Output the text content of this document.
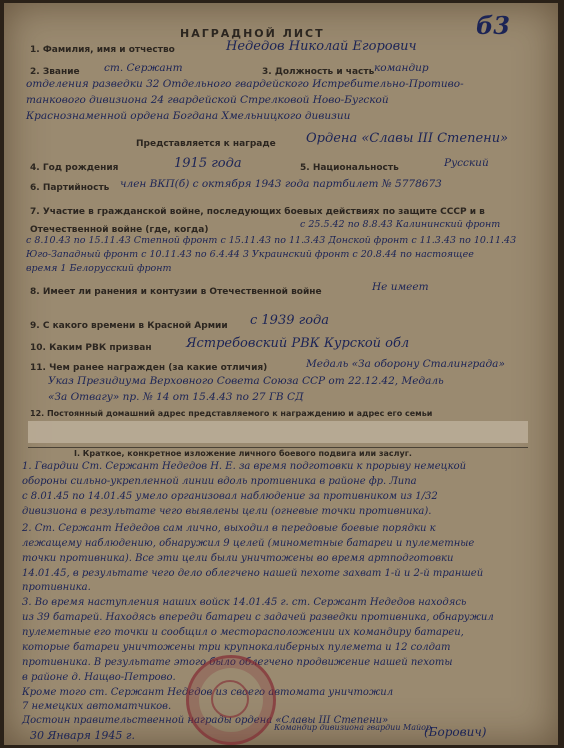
б3
НАГРАДНОЙ ЛИСТ
1. Фамилия, имя и отчество	Недедов Николай Егорович
2. Звание ст. Сержант	3. Должность и часть командир
отделения разведки 32 Отдельного гвардейского Истребительно-Противо-
танкового дивизиона 24 гвардейской Стрелковой Ново-Бугской
Краснознаменной ордена Богдана Хмельницкого дивизии
Представляется к награде Ордена «Славы III Степени»
4. Год рождения	1915 года	5. Национальность	Русский
6. Партийность член ВКП(б) с октября 1943 года партбилет № 5778673
7. Участие в гражданской войне, последующих боевых действиях по защите СССР и в Отечественной войне (где, когда)	с 25.5.42 по 8.8.43 Калининский фронт
с 8.10.43 по 15.11.43 Степной фронт с 15.11.43 по 11.3.43 Донской фронт с 11.3.43 по 10.11.43
Юго-Западный фронт с 10.11.43 по 6.4.44 3 Украинский фронт с 20.8.44 по настоящее
время 1 Белорусский фронт
8. Имеет ли ранения и контузии в Отечественной войне	Не имеет
9. С какого времени в Красной Армии с 1939 года
10. Каким РВК призван	Ястребовский РВК Курской обл
11. Чем ранее награжден (за какие отличия)	Медаль «За оборону Сталинграда»
Указ Президиума Верховного Совета Союза ССР от 22.12.42, Медаль
«За Отвагу» пр. № 14 от 15.4.43 по 27 ГВ СД
12. Постоянный домашний адрес представляемого к награждению и адрес его семьи
I. Краткое, конкретное изложение личного боевого подвига или заслуг.
1. Гвардии Ст. Сержант Недедов Н. Е. за время подготовки к прорыву немецкой
обороны сильно-укрепленной линии вдоль противника в районе фр. Липа
с 8.01.45 по 14.01.45 умело организовал наблюдение за противником из 1/32
дивизиона в результате чего выявлены цели (огневые точки противника).
2. Ст. Сержант Недедов сам лично, выходил в передовые боевые порядки к
лежащему наблюдению, обнаружил 9 целей (минометные батареи и пулеметные
точки противника). Все эти цели были уничтожены во время артподготовки
14.01.45, в результате чего дело облегчено нашей пехоте захват 1-й и 2-й траншей
противника.
3. Во время наступления наших войск 14.01.45 г. ст. Сержант Недедов находясь
из 39 батарей. Находясь впереди батареи с задачей разведки противника, обнаружил
пулеметные его точки и сообщил о месторасположении их командиру батареи,
которые батареи уничтожены три крупнокалиберных пулемета и 12 солдат
противника. В результате этого было облегчено продвижение нашей пехоты
в районе д. Нащво-Петрово.
Кроме того ст. Сержант Недедов из своего автомата уничтожил
7 немецких автоматчиков.
Достоин правительственной награды ордена «Славы III Степени»
30 Января 1945 г.
Командир дивизиона гвардии Майор
(Борович)
